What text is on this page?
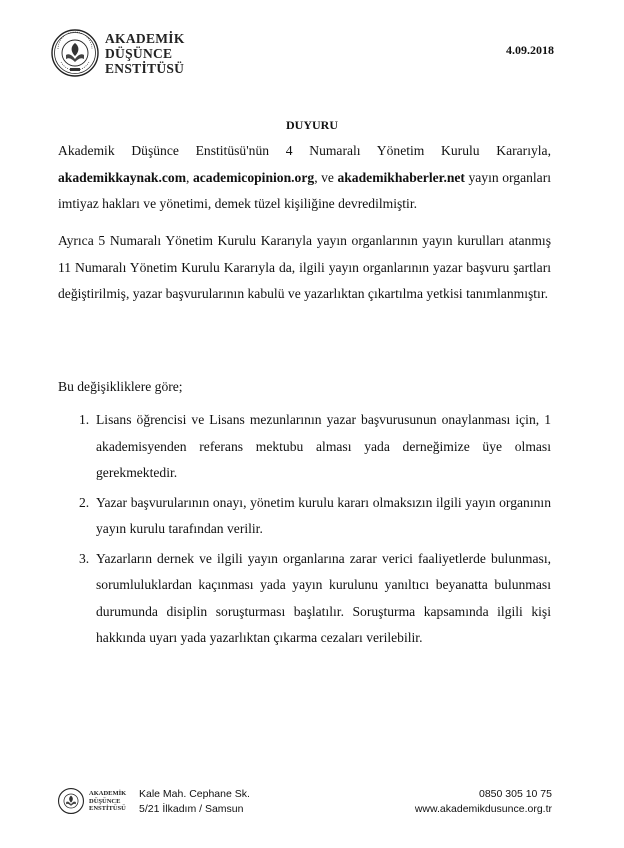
AKADEMİK
DÜŞÜNCE
ENSTİTÜSÜ
4.09.2018
DUYURU
Akademik Düşünce Enstitüsü'nün 4 Numaralı Yönetim Kurulu Kararıyla, akademikkaynak.com, academicopinion.org, ve akademikhaberler.net yayın organları imtiyaz hakları ve yönetimi, demek tüzel kişiliğine devredilmiştir.
Ayrıca 5 Numaralı Yönetim Kurulu Kararıyla yayın organlarının yayın kurulları atanmış 11 Numaralı Yönetim Kurulu Kararıyla da, ilgili yayın organlarının yazar başvuru şartları değiştirilmiş, yazar başvurularının kabulü ve yazarlıktan çıkartılma yetkisi tanımlanmıştır.
Bu değişikliklere göre;
1. Lisans öğrencisi ve Lisans mezunlarının yazar başvurusunun onaylanması için, 1 akademisyenden referans mektubu alması yada derneğimize üye olması gerekmektedir.
2. Yazar başvurularının onayı, yönetim kurulu kararı olmaksızın ilgili yayın organının yayın kurulu tarafından verilir.
3. Yazarların dernek ve ilgili yayın organlarına zarar verici faaliyetlerde bulunması, sorumluluklardan kaçınması yada yayın kurulunu yanıltıcı beyanatta bulunması durumunda disiplin soruşturması başlatılır. Soruşturma kapsamında ilgili kişi hakkında uyarı yada yazarlıktan çıkarma cezaları verilebilir.
AKADEMİK
DÜŞÜNCE
ENSTİTÜSÜ
Kale Mah. Cephane Sk.
5/21 İlkadım / Samsun
0850 305 10 75
www.akademikdusunce.org.tr
